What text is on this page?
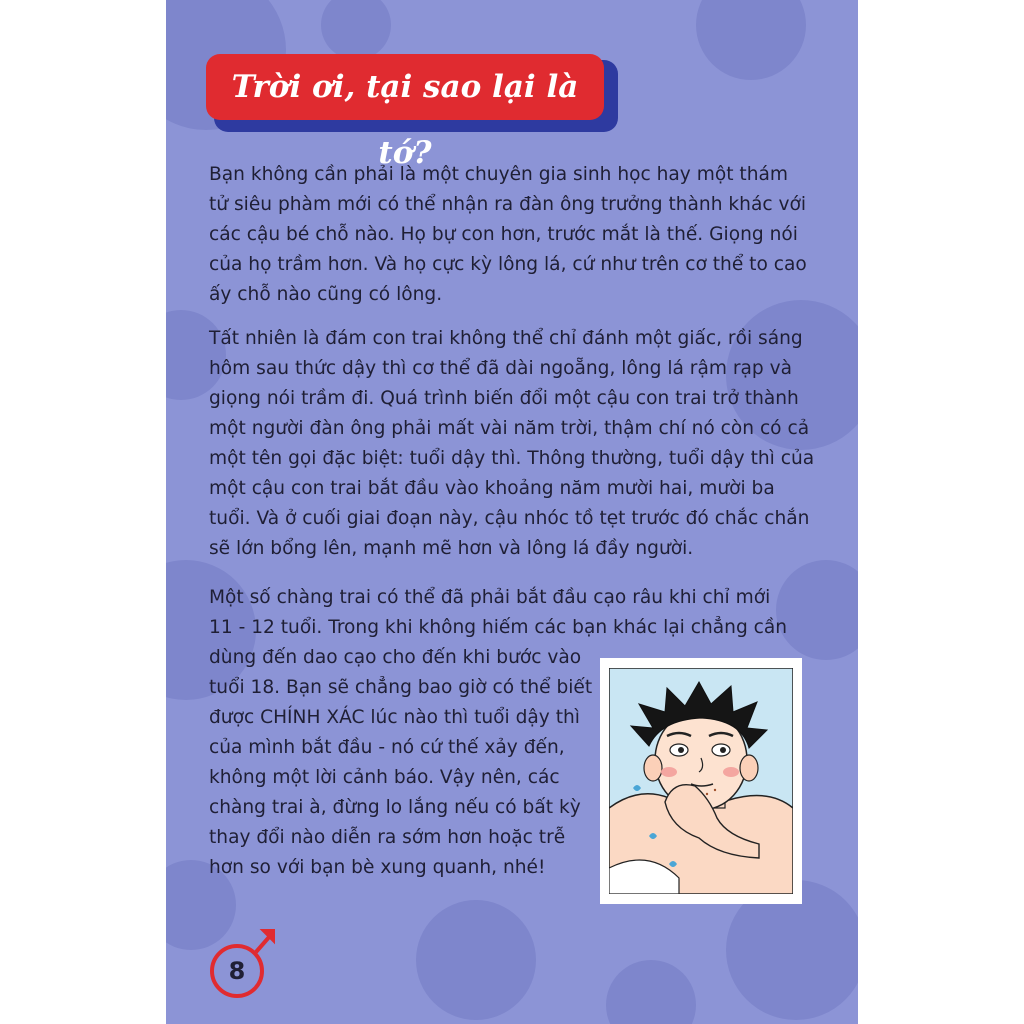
Trời ơi, tại sao lại là tớ?

Bạn không cần phải là một chuyên gia sinh học hay một thám
tử siêu phàm mới có thể nhận ra đàn ông trưởng thành khác với
các cậu bé chỗ nào. Họ bự con hơn, trước mắt là thế. Giọng nói
của họ trầm hơn. Và họ cực kỳ lông lá, cứ như trên cơ thể to cao
ấy chỗ nào cũng có lông.

Tất nhiên là đám con trai không thể chỉ đánh một giấc, rồi sáng
hôm sau thức dậy thì cơ thể đã dài ngoẵng, lông lá rậm rạp và
giọng nói trầm đi. Quá trình biến đổi một cậu con trai trở thành
một người đàn ông phải mất vài năm trời, thậm chí nó còn có cả
một tên gọi đặc biệt: tuổi dậy thì. Thông thường, tuổi dậy thì của
một cậu con trai bắt đầu vào khoảng năm mười hai, mười ba
tuổi. Và ở cuối giai đoạn này, cậu nhóc tồ tẹt trước đó chắc chắn
sẽ lớn bổng lên, mạnh mẽ hơn và lông lá đầy người.

Một số chàng trai có thể đã phải bắt đầu cạo râu khi chỉ mới
11 - 12 tuổi. Trong khi không hiếm các bạn khác lại chẳng cần
dùng đến dao cạo cho đến khi bước vào
tuổi 18. Bạn sẽ chẳng bao giờ có thể biết
được CHÍNH XÁC lúc nào thì tuổi dậy thì
của mình bắt đầu - nó cứ thế xảy đến,
không một lời cảnh báo. Vậy nên, các
chàng trai à, đừng lo lắng nếu có bất kỳ
thay đổi nào diễn ra sớm hơn hoặc trễ
hơn so với bạn bè xung quanh, nhé!

8
